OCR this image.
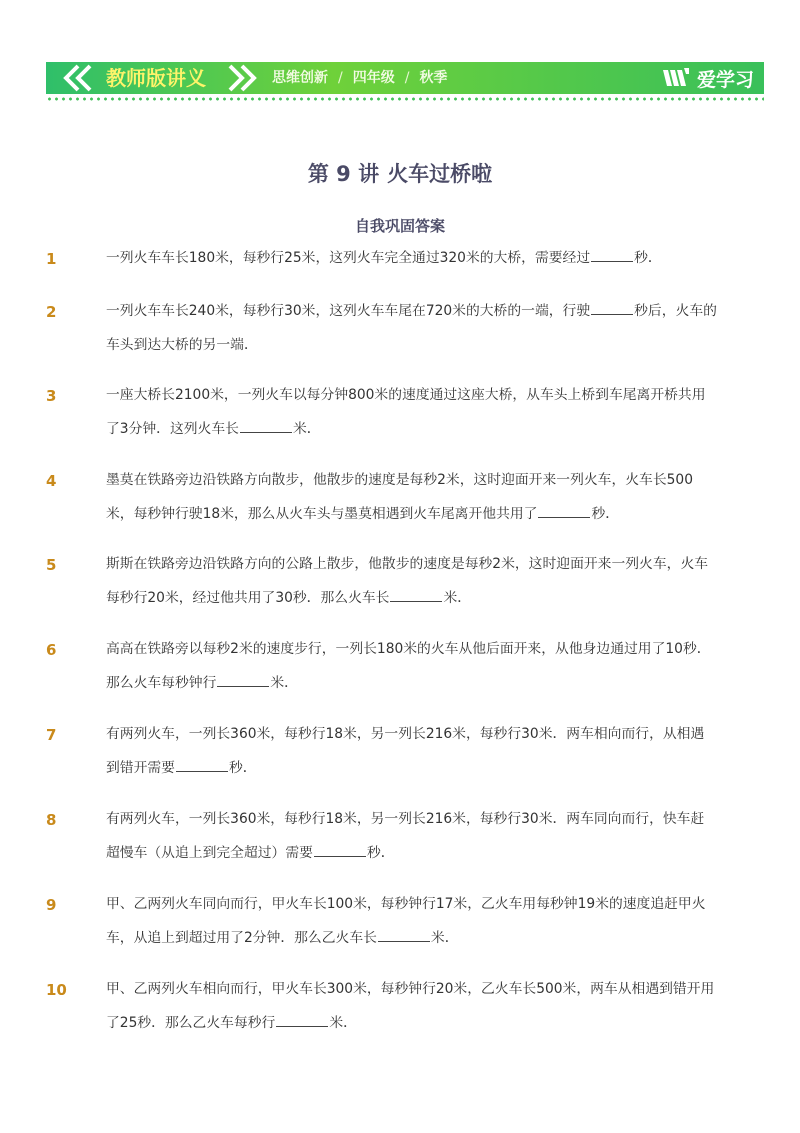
教师版讲义	思维创新 / 四年级 / 秋季	爱学习
第 9 讲 火车过桥啦
自我巩固答案
1	一列火车车长180米，每秒行25米，这列火车完全通过320米的大桥，需要经过	秒．
2	一列火车车长240米，每秒行30米，这列火车车尾在720米的大桥的一端，行驶	秒后，火车的车头到达大桥的另一端．
3	一座大桥长2100米，一列火车以每分钟800米的速度通过这座大桥，从车头上桥到车尾离开桥共用了3分钟．这列火车长	米．
4	墨莫在铁路旁边沿铁路方向散步，他散步的速度是每秒2米，这时迎面开来一列火车，火车长500米，每秒钟行驶18米，那么从火车头与墨莫相遇到火车尾离开他共用了	秒．
5	斯斯在铁路旁边沿铁路方向的公路上散步，他散步的速度是每秒2米，这时迎面开来一列火车，火车每秒行20米，经过他共用了30秒．那么火车长	米．
6	高高在铁路旁以每秒2米的速度步行，一列长180米的火车从他后面开来，从他身边通过用了10秒．那么火车每秒钟行	米．
7	有两列火车，一列长360米，每秒行18米，另一列长216米，每秒行30米．两车相向而行，从相遇到错开需要	秒．
8	有两列火车，一列长360米，每秒行18米，另一列长216米，每秒行30米．两车同向而行，快车赶超慢车（从追上到完全超过）需要	秒．
9	甲、乙两列火车同向而行，甲火车长100米，每秒钟行17米，乙火车用每秒钟19米的速度追赶甲火车，从追上到超过用了2分钟．那么乙火车长	米．
10	甲、乙两列火车相向而行，甲火车长300米，每秒钟行20米，乙火车长500米，两车从相遇到错开用了25秒．那么乙火车每秒行	米．
